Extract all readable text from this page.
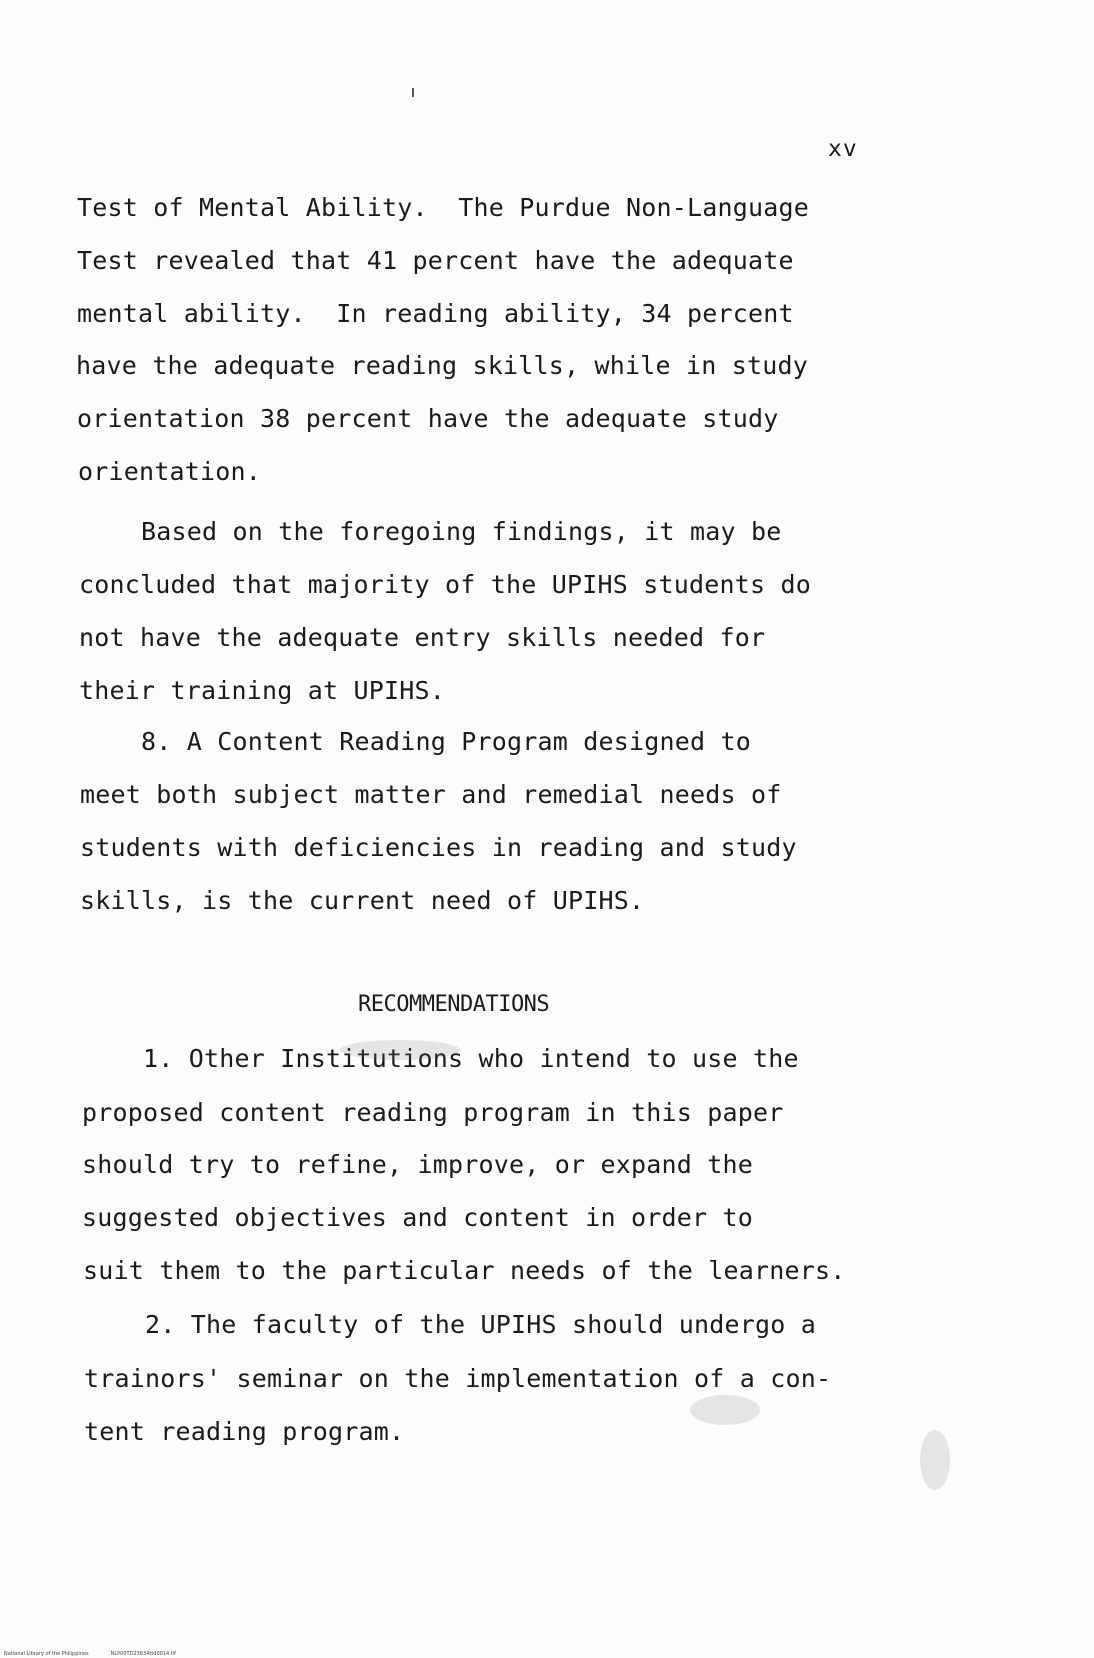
xv
Test of Mental Ability.  The Purdue Non-Language
Test revealed that 41 percent have the adequate
mental ability.  In reading ability, 34 percent
have the adequate reading skills, while in study
orientation 38 percent have the adequate study
orientation.
Based on the foregoing findings, it may be
concluded that majority of the UPIHS students do
not have the adequate entry skills needed for
their training at UPIHS.
8. A Content Reading Program designed to
meet both subject matter and remedial needs of
students with deficiencies in reading and study
skills, is the current need of UPIHS.
RECOMMENDATIONS
1. Other Institutions who intend to use the
proposed content reading program in this paper
should try to refine, improve, or expand the
suggested objectives and content in order to
suit them to the particular needs of the learners.
2. The faculty of the UPIHS should undergo a
trainors' seminar on the implementation of a con-
tent reading program.
National Library of the Philippines	NLP00TD23634ttd0014.tif
